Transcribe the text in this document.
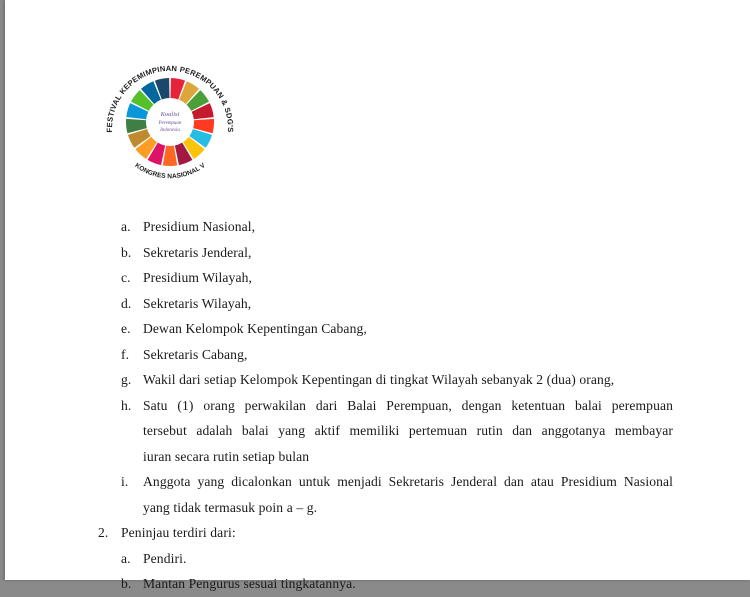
Koalisi
Perempuan
Indonesia
FESTIVAL KEPEMIMPINAN PEREMPUAN & SDG'S
KONGRES NASIONAL V
a. Presidium Nasional,
b. Sekretaris Jenderal,
c. Presidium Wilayah,
d. Sekretaris Wilayah,
e. Dewan Kelompok Kepentingan Cabang,
f. Sekretaris Cabang,
g. Wakil dari setiap Kelompok Kepentingan di tingkat Wilayah sebanyak 2 (dua) orang,
h. Satu (1) orang perwakilan dari Balai Perempuan, dengan ketentuan balai perempuan
tersebut adalah balai yang aktif memiliki pertemuan rutin dan anggotanya membayar
iuran secara rutin setiap bulan
i. Anggota yang dicalonkan untuk menjadi Sekretaris Jenderal dan atau Presidium Nasional
yang tidak termasuk poin a – g.
2. Peninjau terdiri dari:
a. Pendiri.
b. Mantan Pengurus sesuai tingkatannya.
